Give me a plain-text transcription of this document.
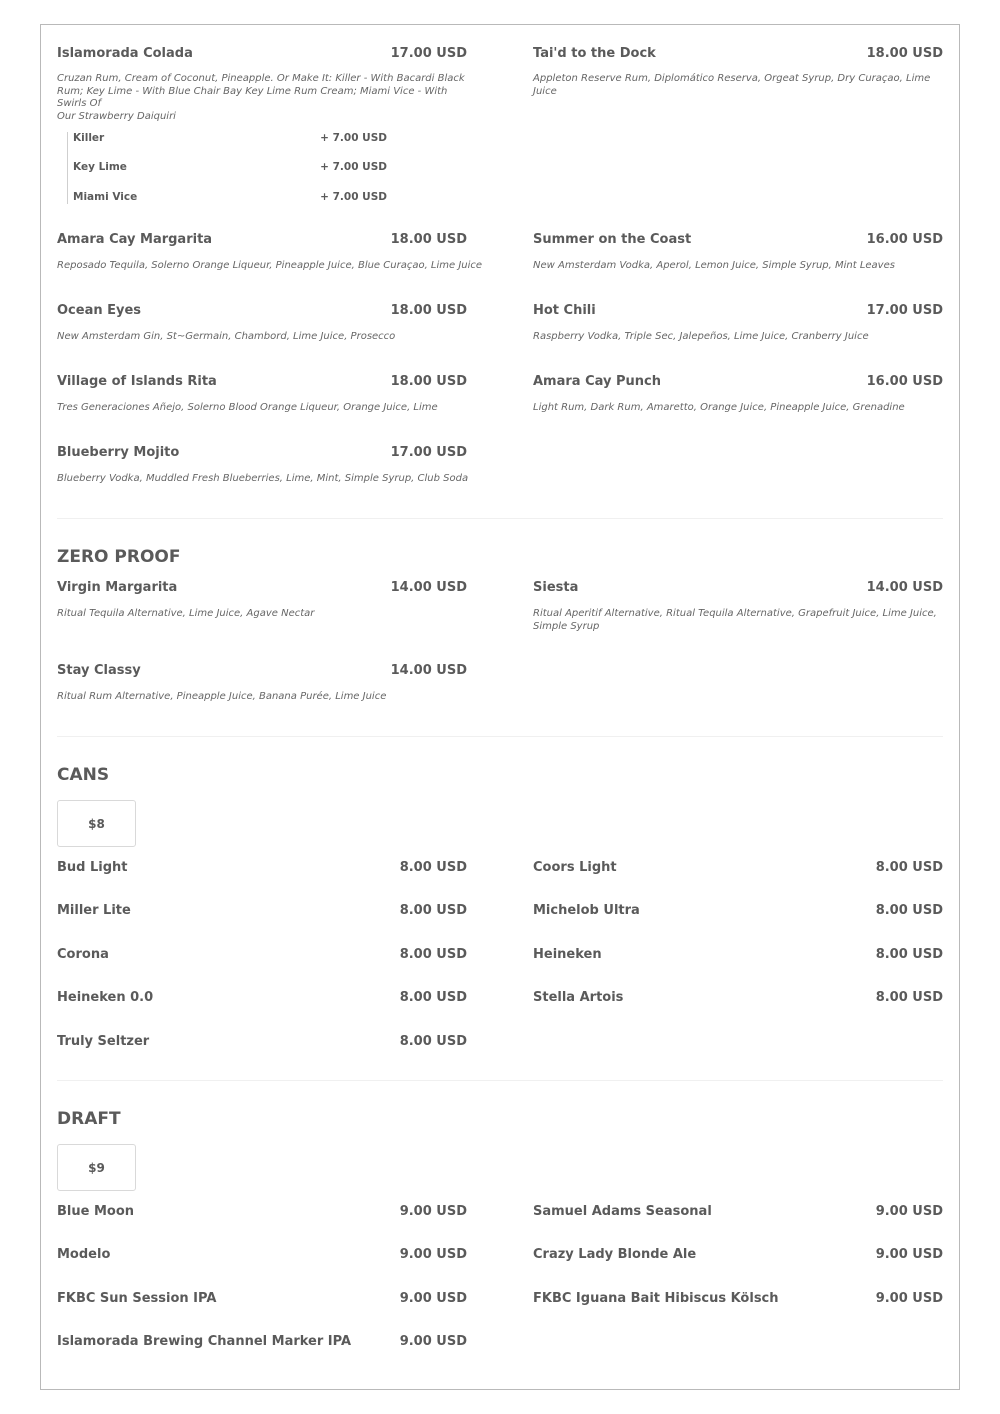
Islamorada Colada	17.00 USD
Cruzan Rum, Cream of Coconut, Pineapple. Or Make It: Killer - With Bacardi Black
Rum; Key Lime - With Blue Chair Bay Key Lime Rum Cream; Miami Vice - With Swirls Of
Our Strawberry Daiquiri
Killer	+ 7.00 USD
Key Lime	+ 7.00 USD
Miami Vice	+ 7.00 USD
Tai'd to the Dock	18.00 USD
Appleton Reserve Rum, Diplomático Reserva, Orgeat Syrup, Dry Curaçao, Lime Juice
Amara Cay Margarita	18.00 USD
Reposado Tequila, Solerno Orange Liqueur, Pineapple Juice, Blue Curaçao, Lime Juice
Summer on the Coast	16.00 USD
New Amsterdam Vodka, Aperol, Lemon Juice, Simple Syrup, Mint Leaves
Ocean Eyes	18.00 USD
New Amsterdam Gin, St~Germain, Chambord, Lime Juice, Prosecco
Hot Chili	17.00 USD
Raspberry Vodka, Triple Sec, Jalepeños, Lime Juice, Cranberry Juice
Village of Islands Rita	18.00 USD
Tres Generaciones Añejo, Solerno Blood Orange Liqueur, Orange Juice, Lime
Amara Cay Punch	16.00 USD
Light Rum, Dark Rum, Amaretto, Orange Juice, Pineapple Juice, Grenadine
Blueberry Mojito	17.00 USD
Blueberry Vodka, Muddled Fresh Blueberries, Lime, Mint, Simple Syrup, Club Soda
ZERO PROOF
Virgin Margarita	14.00 USD
Ritual Tequila Alternative, Lime Juice, Agave Nectar
Siesta	14.00 USD
Ritual Aperitif Alternative, Ritual Tequila Alternative, Grapefruit Juice, Lime Juice,
Simple Syrup
Stay Classy	14.00 USD
Ritual Rum Alternative, Pineapple Juice, Banana Purée, Lime Juice
CANS
$8
Bud Light	8.00 USD	Coors Light	8.00 USD
Miller Lite	8.00 USD	Michelob Ultra	8.00 USD
Corona	8.00 USD	Heineken	8.00 USD
Heineken 0.0	8.00 USD	Stella Artois	8.00 USD
Truly Seltzer	8.00 USD
DRAFT
$9
Blue Moon	9.00 USD	Samuel Adams Seasonal	9.00 USD
Modelo	9.00 USD	Crazy Lady Blonde Ale	9.00 USD
FKBC Sun Session IPA	9.00 USD	FKBC Iguana Bait Hibiscus Kölsch	9.00 USD
Islamorada Brewing Channel Marker IPA	9.00 USD
